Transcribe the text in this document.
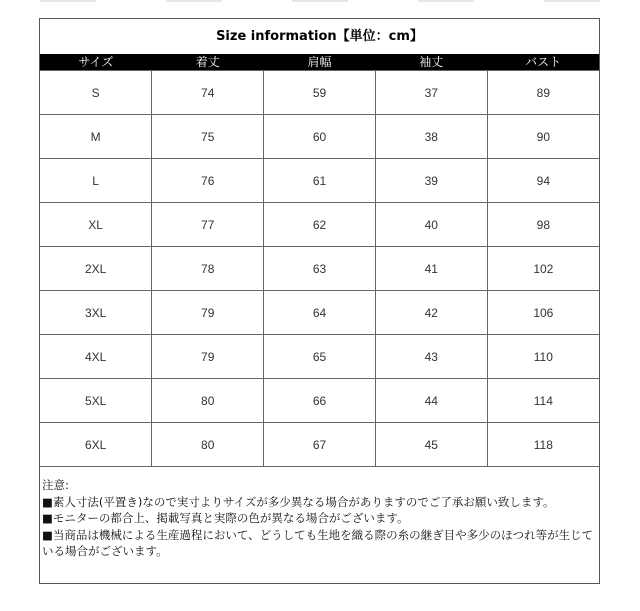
Size information【単位：cm】
サイズ	着丈	肩幅	袖丈	バスト
S	74	59	37	89
M	75	60	38	90
L	76	61	39	94
XL	77	62	40	98
2XL	78	63	41	102
3XL	79	64	42	106
4XL	79	65	43	110
5XL	80	66	44	114
6XL	80	67	45	118

注意:

■素人寸法(平置き)なので実寸よりサイズが多少異なる場合がありますのでご了承お願い致します。

■モニターの都合上、掲載写真と実際の色が異なる場合がございます。

■当商品は機械による生産過程において、どうしても生地を織る際の糸の継ぎ目や多少のほつれ等が生じている場合がございます。
